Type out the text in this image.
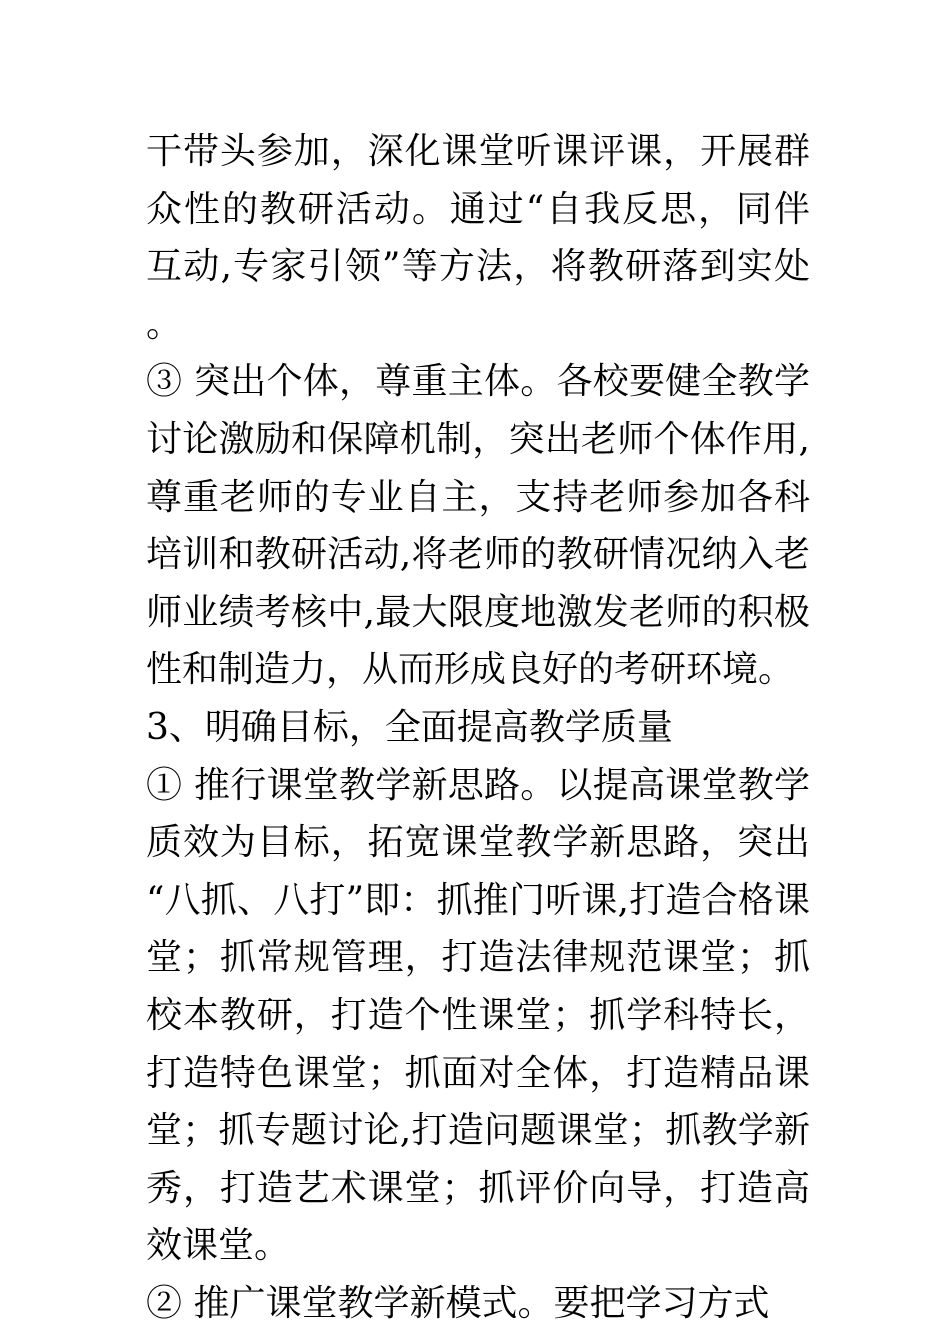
干带头参加，深化课堂听课评课，开展群众性的教研活动。通过“自我反思，同伴互动,专家引领”等方法，将教研落到实处。

③ 突出个体，尊重主体。各校要健全教学讨论激励和保障机制，突出老师个体作用,尊重老师的专业自主，支持老师参加各科培训和教研活动,将老师的教研情况纳入老师业绩考核中,最大限度地激发老师的积极性和制造力，从而形成良好的考研环境。

3、明确目标，全面提高教学质量

① 推行课堂教学新思路。以提高课堂教学质效为目标，拓宽课堂教学新思路，突出“八抓、八打”即：抓推门听课,打造合格课堂；抓常规管理，打造法律规范课堂；抓校本教研，打造个性课堂；抓学科特长，打造特色课堂；抓面对全体，打造精品课堂；抓专题讨论,打造问题课堂；抓教学新秀，打造艺术课堂；抓评价向导，打造高效课堂。

② 推广课堂教学新模式。要把学习方式
